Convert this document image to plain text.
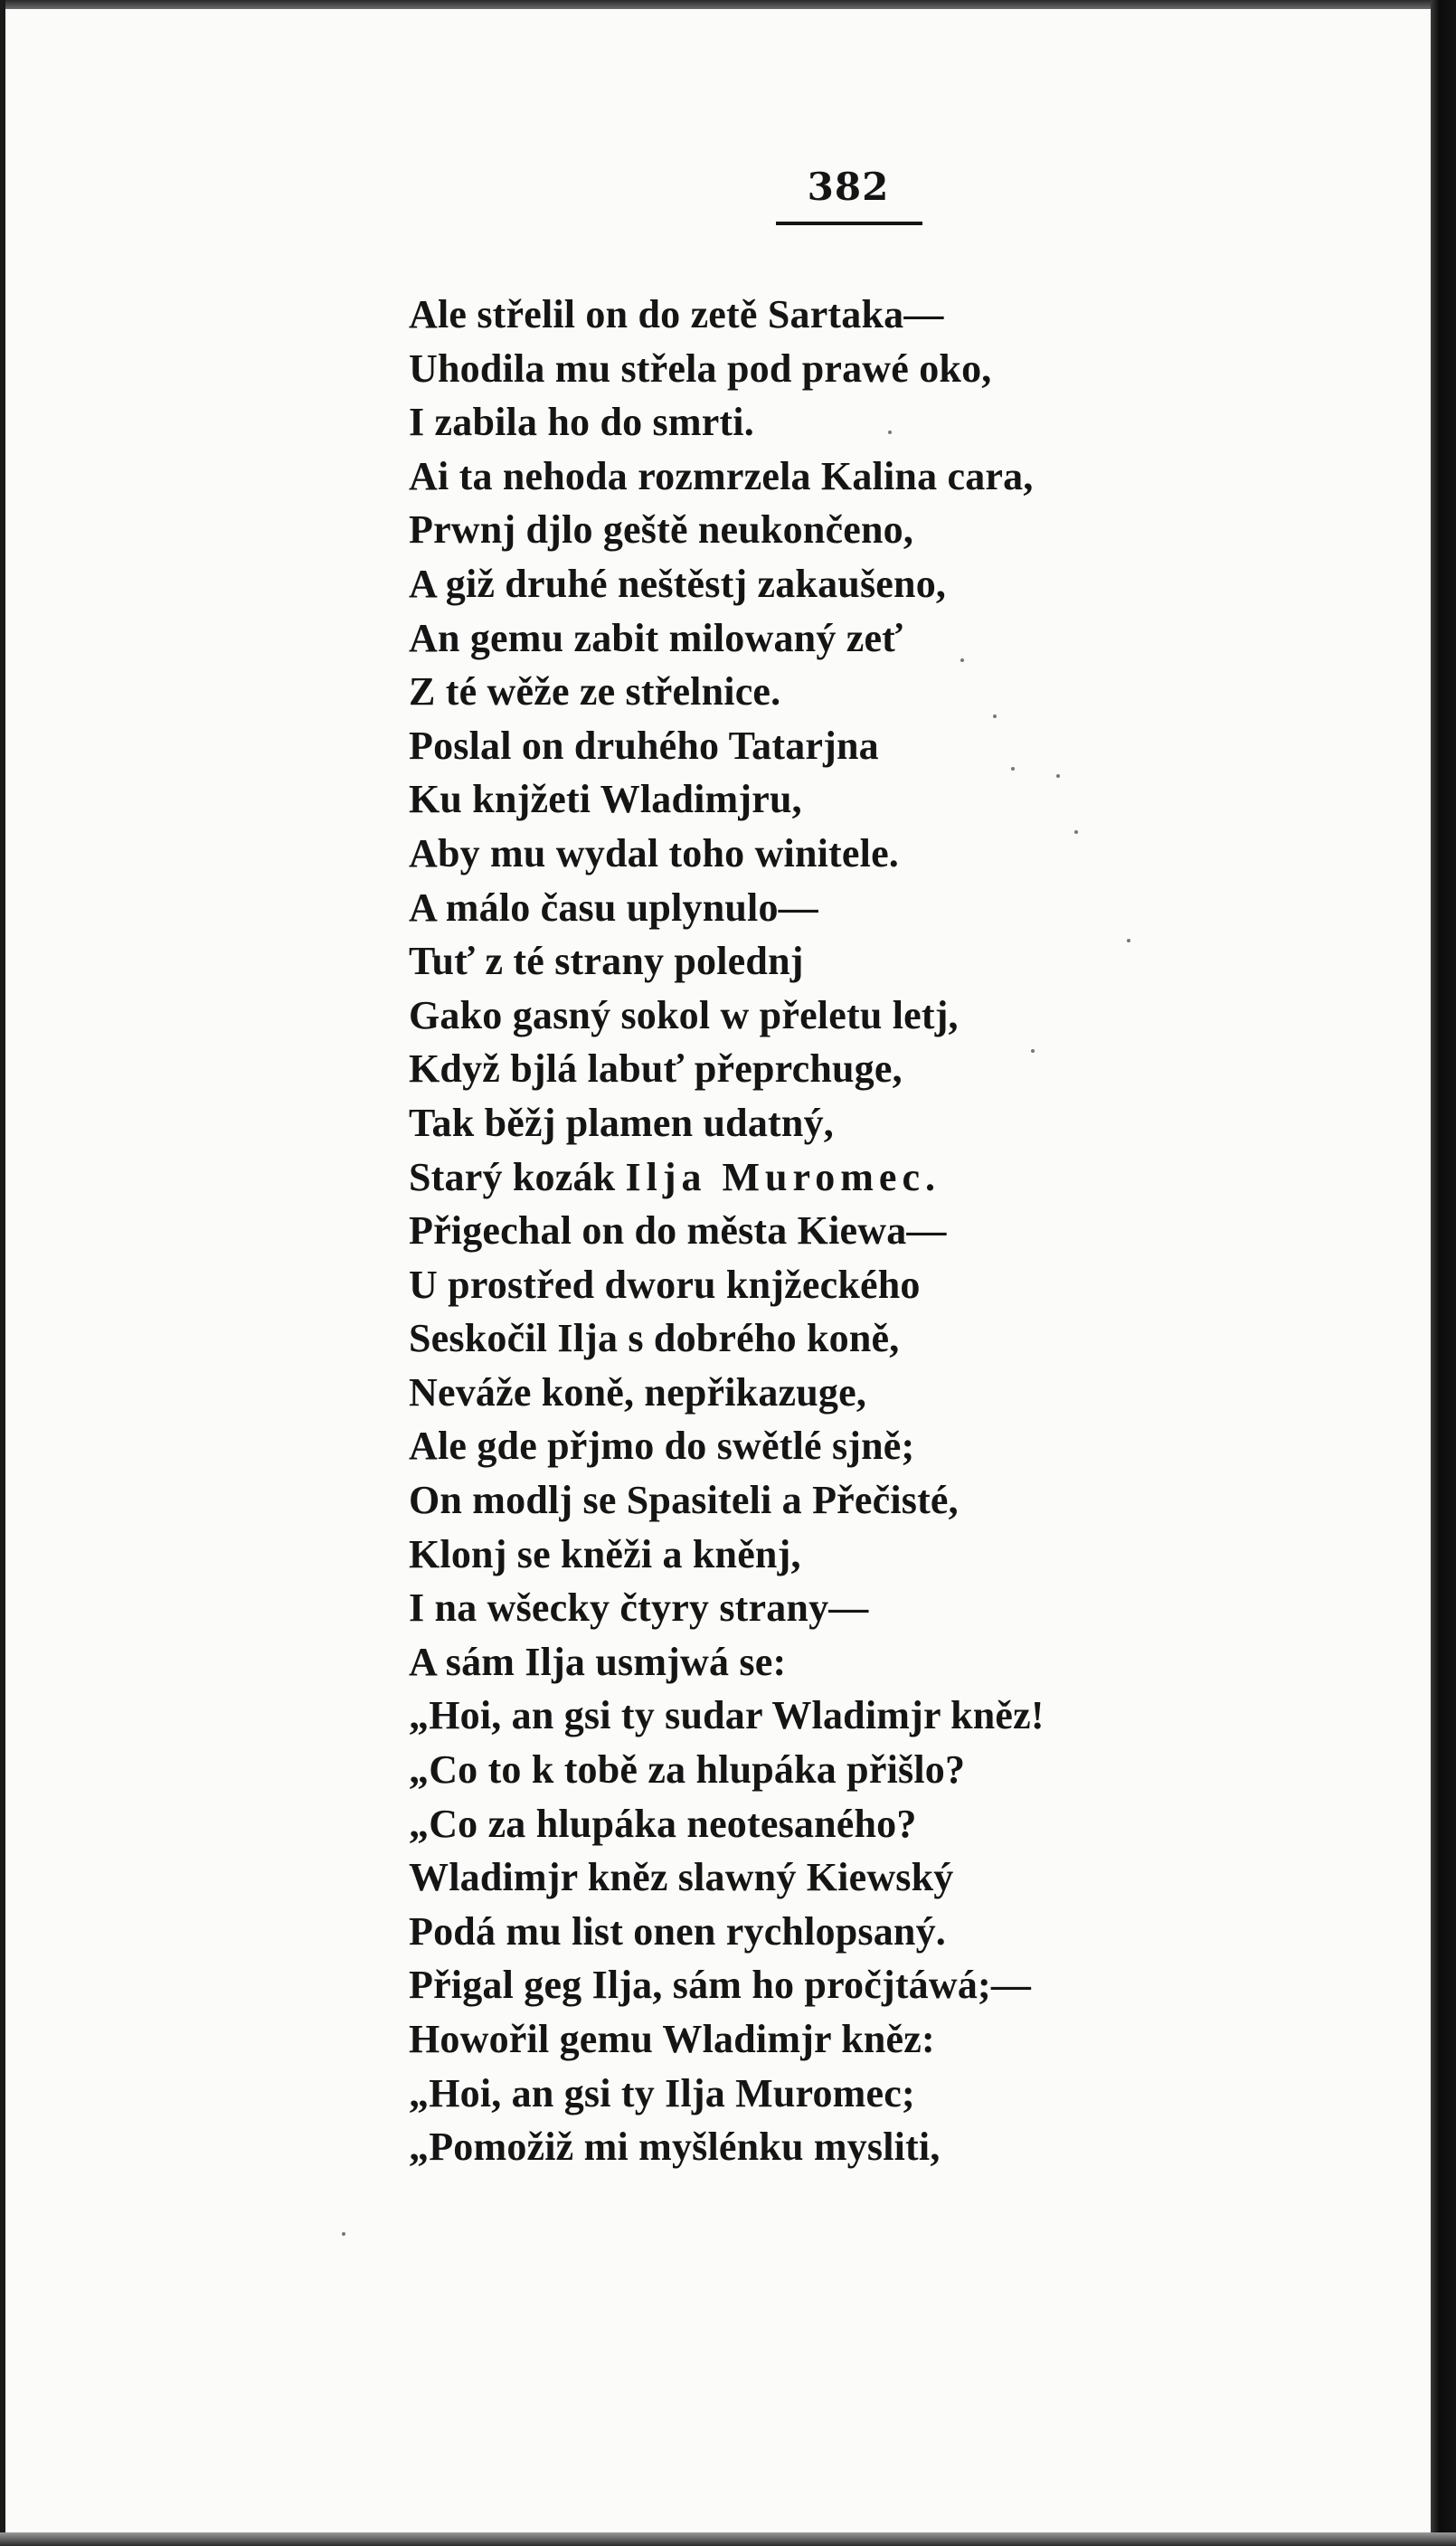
382
Ale střelil on do zetě Sartaka—
Uhodila mu střela pod prawé oko,
I zabila ho do smrti.
Ai ta nehoda rozmrzela Kalina cara,
Prwnj djlo geště neukončeno,
A giž druhé neštěstj zakaušeno,
An gemu zabit milowaný zeť
Z té wěže ze střelnice.
Poslal on druhého Tatarjna
Ku knjžeti Wladimjru,
Aby mu wydal toho winitele.
A málo času uplynulo—
Tuť z té strany polednj
Gako gasný sokol w přeletu letj,
Když bjlá labuť přeprchuge,
Tak běžj plamen udatný,
Starý kozák Ilja Muromec.
Přigechal on do města Kiewa—
U prostřed dworu knjžeckého
Seskočil Ilja s dobrého koně,
Neváže koně, nepřikazuge,
Ale gde přjmo do swětlé sjně;
On modlj se Spasiteli a Přečisté,
Klonj se kněži a kněnj,
I na wšecky čtyry strany—
A sám Ilja usmjwá se:
„Hoi, an gsi ty sudar Wladimjr kněz!
„Co to k tobě za hlupáka přišlo?
„Co za hlupáka neotesaného?
Wladimjr kněz slawný Kiewský
Podá mu list onen rychlopsaný.
Přigal geg Ilja, sám ho pročjtáwá;—
Howořil gemu Wladimjr kněz:
„Hoi, an gsi ty Ilja Muromec;
„Pomožiž mi myšlénku mysliti,
